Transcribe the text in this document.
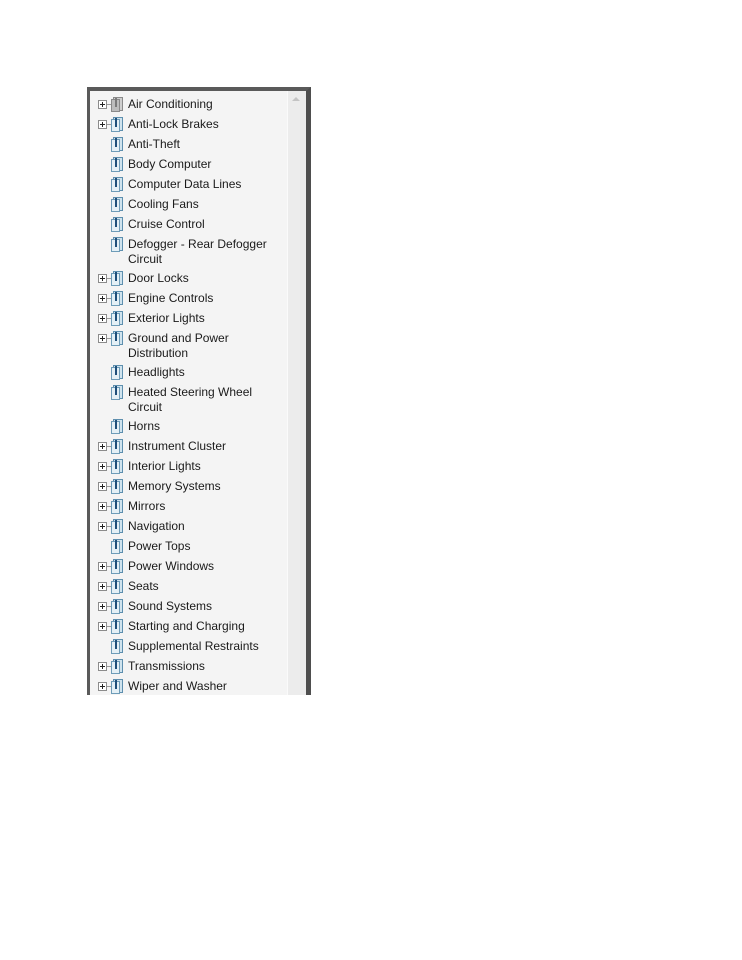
Air Conditioning
Anti-Lock Brakes
Anti-Theft
Body Computer
Computer Data Lines
Cooling Fans
Cruise Control
Defogger - Rear Defogger Circuit
Door Locks
Engine Controls
Exterior Lights
Ground and Power Distribution
Headlights
Heated Steering Wheel Circuit
Horns
Instrument Cluster
Interior Lights
Memory Systems
Mirrors
Navigation
Power Tops
Power Windows
Seats
Sound Systems
Starting and Charging
Supplemental Restraints
Transmissions
Wiper and Washer
